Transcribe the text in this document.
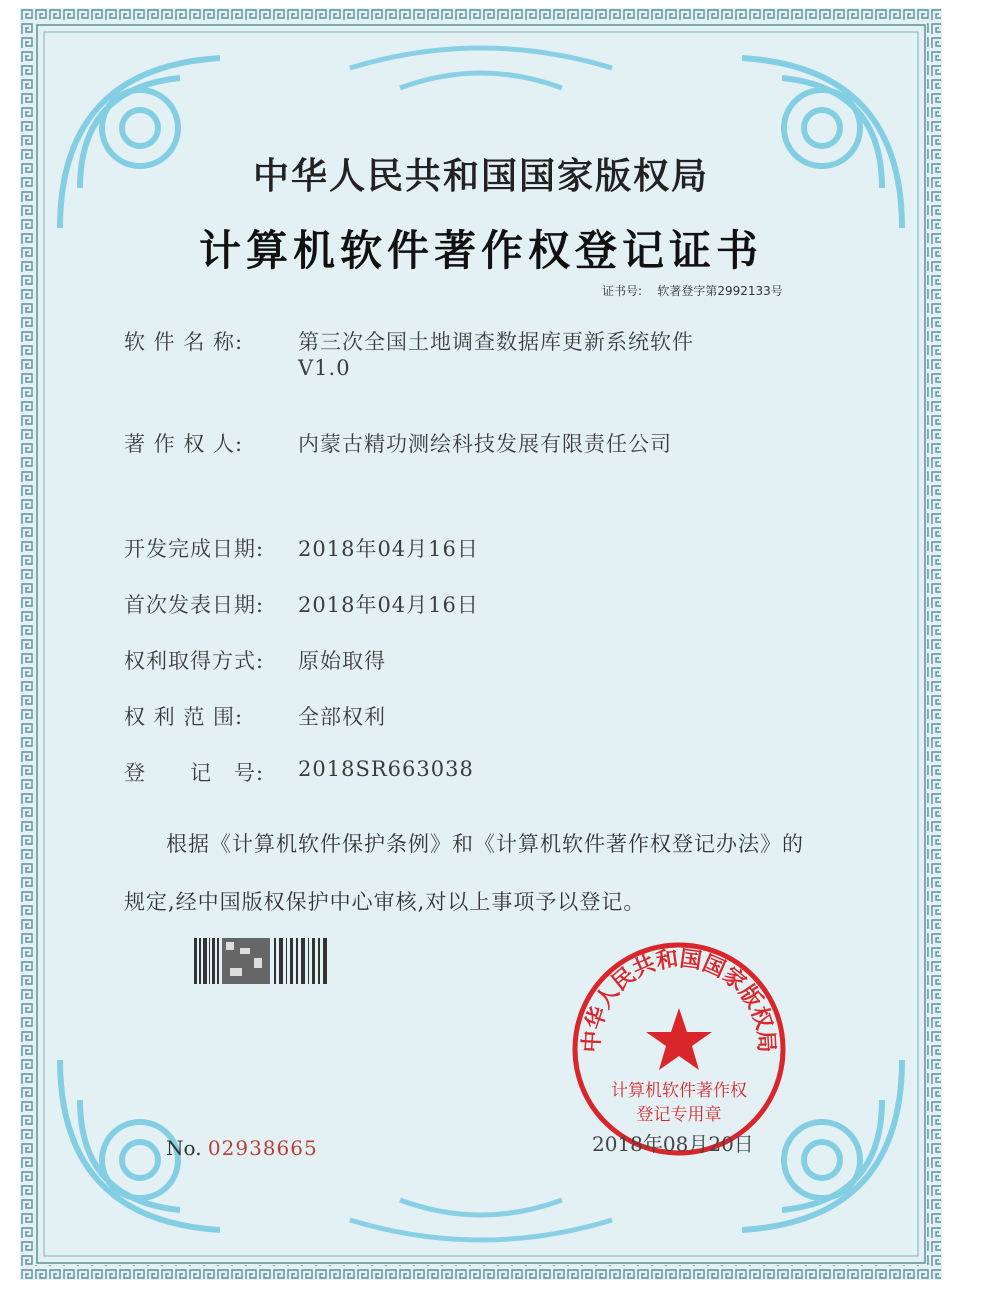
中华人民共和国国家版权局
计算机软件著作权登记证书
证书号: 软著登字第2992133号
软 件 名 称:	第三次全国土地调查数据库更新系统软件
V1.0
著 作 权 人:	内蒙古精功测绘科技发展有限责任公司
开发完成日期: 2018年04月16日
首次发表日期: 2018年04月16日
权利取得方式: 原始取得
权 利 范 围:	全部权利
登　　记　号: 2018SR663038
根据《计算机软件保护条例》和《计算机软件著作权登记办法》的
规定,经中国版权保护中心审核,对以上事项予以登记。
中华人民共和国国家版权局
计算机软件著作权
登记专用章
2018年08月20日
No. 02938665
